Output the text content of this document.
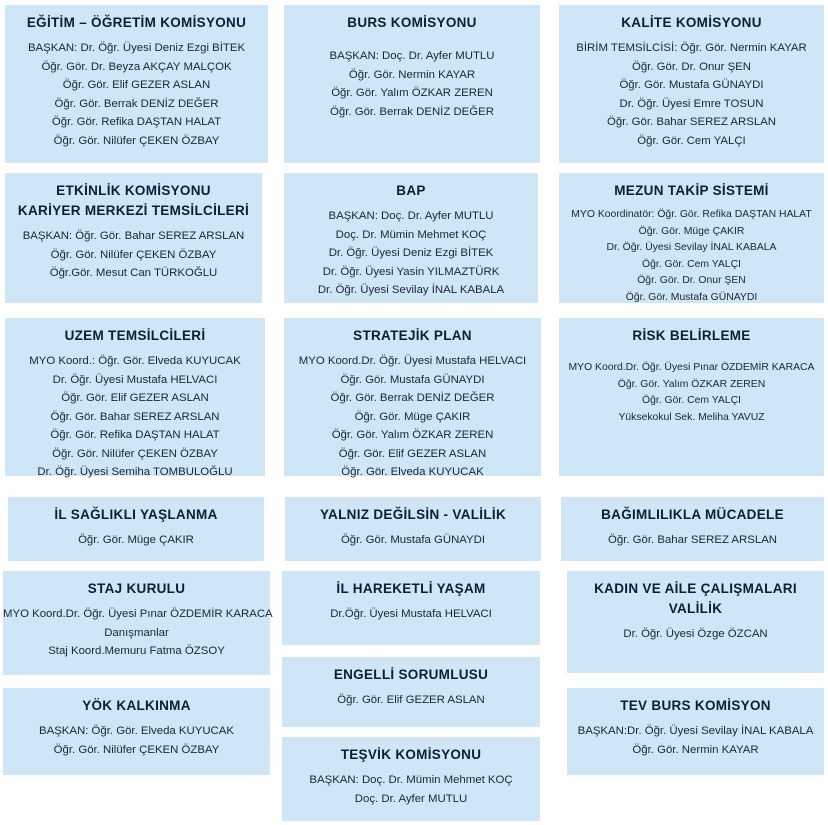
EĞİTİM – ÖĞRETİM KOMİSYONU
BAŞKAN: Dr. Öğr. Üyesi Deniz Ezgi BİTEK
Öğr. Gör. Dr. Beyza AKÇAY MALÇOK
Öğr. Gör. Elif GEZER ASLAN
Öğr. Gör. Berrak DENİZ DEĞER
Öğr. Gör. Refika DAŞTAN HALAT
Öğr. Gör. Nilüfer ÇEKEN ÖZBAY
BURS KOMİSYONU
BAŞKAN: Doç. Dr. Ayfer MUTLU
Öğr. Gör. Nermin KAYAR
Öğr. Gör. Yalım ÖZKAR ZEREN
Öğr. Gör. Berrak DENİZ DEĞER
KALİTE KOMİSYONU
BİRİM TEMSİLCİSİ: Öğr. Gör. Nermin KAYAR
Öğr. Gör. Dr. Onur ŞEN
Öğr. Gör. Mustafa GÜNAYDI
Dr. Öğr. Üyesi Emre TOSUN
Öğr. Gör. Bahar SEREZ ARSLAN
Öğr. Gör. Cem YALÇI
ETKİNLİK KOMİSYONU
KARİYER MERKEZİ TEMSİLCİLERİ
BAŞKAN: Öğr. Gör. Bahar SEREZ ARSLAN
Öğr. Gör. Nilüfer ÇEKEN ÖZBAY
Öğr.Gör. Mesut Can TÜRKOĞLU
BAP
BAŞKAN: Doç. Dr. Ayfer MUTLU
Doç. Dr. Mümin Mehmet KOÇ
Dr. Öğr. Üyesi Deniz Ezgi BİTEK
Dr. Öğr. Üyesi Yasin YILMAZTÜRK
Dr. Öğr. Üyesi Sevilay İNAL KABALA
MEZUN TAKİP SİSTEMİ
MYO Koordinatör: Öğr. Gör. Refika DAŞTAN HALAT
Öğr. Gör. Müge ÇAKIR
Dr. Öğr. Üyesi Sevilay İNAL KABALA
Öğr. Gör. Cem YALÇI
Öğr. Gör. Dr. Onur ŞEN
Öğr. Gör. Mustafa GÜNAYDI
UZEM TEMSİLCİLERİ
MYO Koord.: Öğr. Gör. Elveda KUYUCAK
Dr. Öğr. Üyesi Mustafa HELVACI
Öğr. Gör. Elif GEZER ASLAN
Öğr. Gör. Bahar SEREZ ARSLAN
Öğr. Gör. Refika DAŞTAN HALAT
Öğr. Gör. Nilüfer ÇEKEN ÖZBAY
Dr. Öğr. Üyesi Semiha TOMBULOĞLU
STRATEJİK PLAN
MYO Koord.Dr. Öğr. Üyesi Mustafa HELVACI
Öğr. Gör. Mustafa GÜNAYDI
Öğr. Gör. Berrak DENİZ DEĞER
Öğr. Gör. Müge ÇAKIR
Öğr. Gör. Yalım ÖZKAR ZEREN
Öğr. Gör. Elif GEZER ASLAN
Öğr. Gör. Elveda KUYUCAK
RİSK BELİRLEME
MYO Koord.Dr. Öğr. Üyesi Pınar ÖZDEMİR KARACA
Öğr. Gör. Yalım ÖZKAR ZEREN
Öğr. Gör. Cem YALÇI
Yüksekokul Sek. Meliha YAVUZ
İL SAĞLIKLI YAŞLANMA
Öğr. Gör. Müge ÇAKIR
YALNIZ DEĞİLSİN - VALİLİK
Öğr. Gör. Mustafa GÜNAYDI
BAĞIMLILIKLA MÜCADELE
Öğr. Gör. Bahar SEREZ ARSLAN
STAJ KURULU
MYO Koord.Dr. Öğr. Üyesi Pınar ÖZDEMİR KARACA
Danışmanlar
Staj Koord.Memuru Fatma ÖZSOY
İL HAREKETLİ YAŞAM
Dr.Öğr. Üyesi Mustafa HELVACI
KADIN VE AİLE ÇALIŞMALARI
VALİLİK
Dr. Öğr. Üyesi Özge ÖZCAN
ENGELLİ SORUMLUSU
Öğr. Gör. Elif GEZER ASLAN
YÖK KALKINMA
BAŞKAN: Öğr. Gör. Elveda KUYUCAK
Öğr. Gör. Nilüfer ÇEKEN ÖZBAY
TEV BURS KOMİSYON
BAŞKAN:Dr. Öğr. Üyesi Sevilay İNAL KABALA
Öğr. Gör. Nermin KAYAR
TEŞVİK KOMİSYONU
BAŞKAN: Doç. Dr. Mümin Mehmet KOÇ
Doç. Dr. Ayfer MUTLU
